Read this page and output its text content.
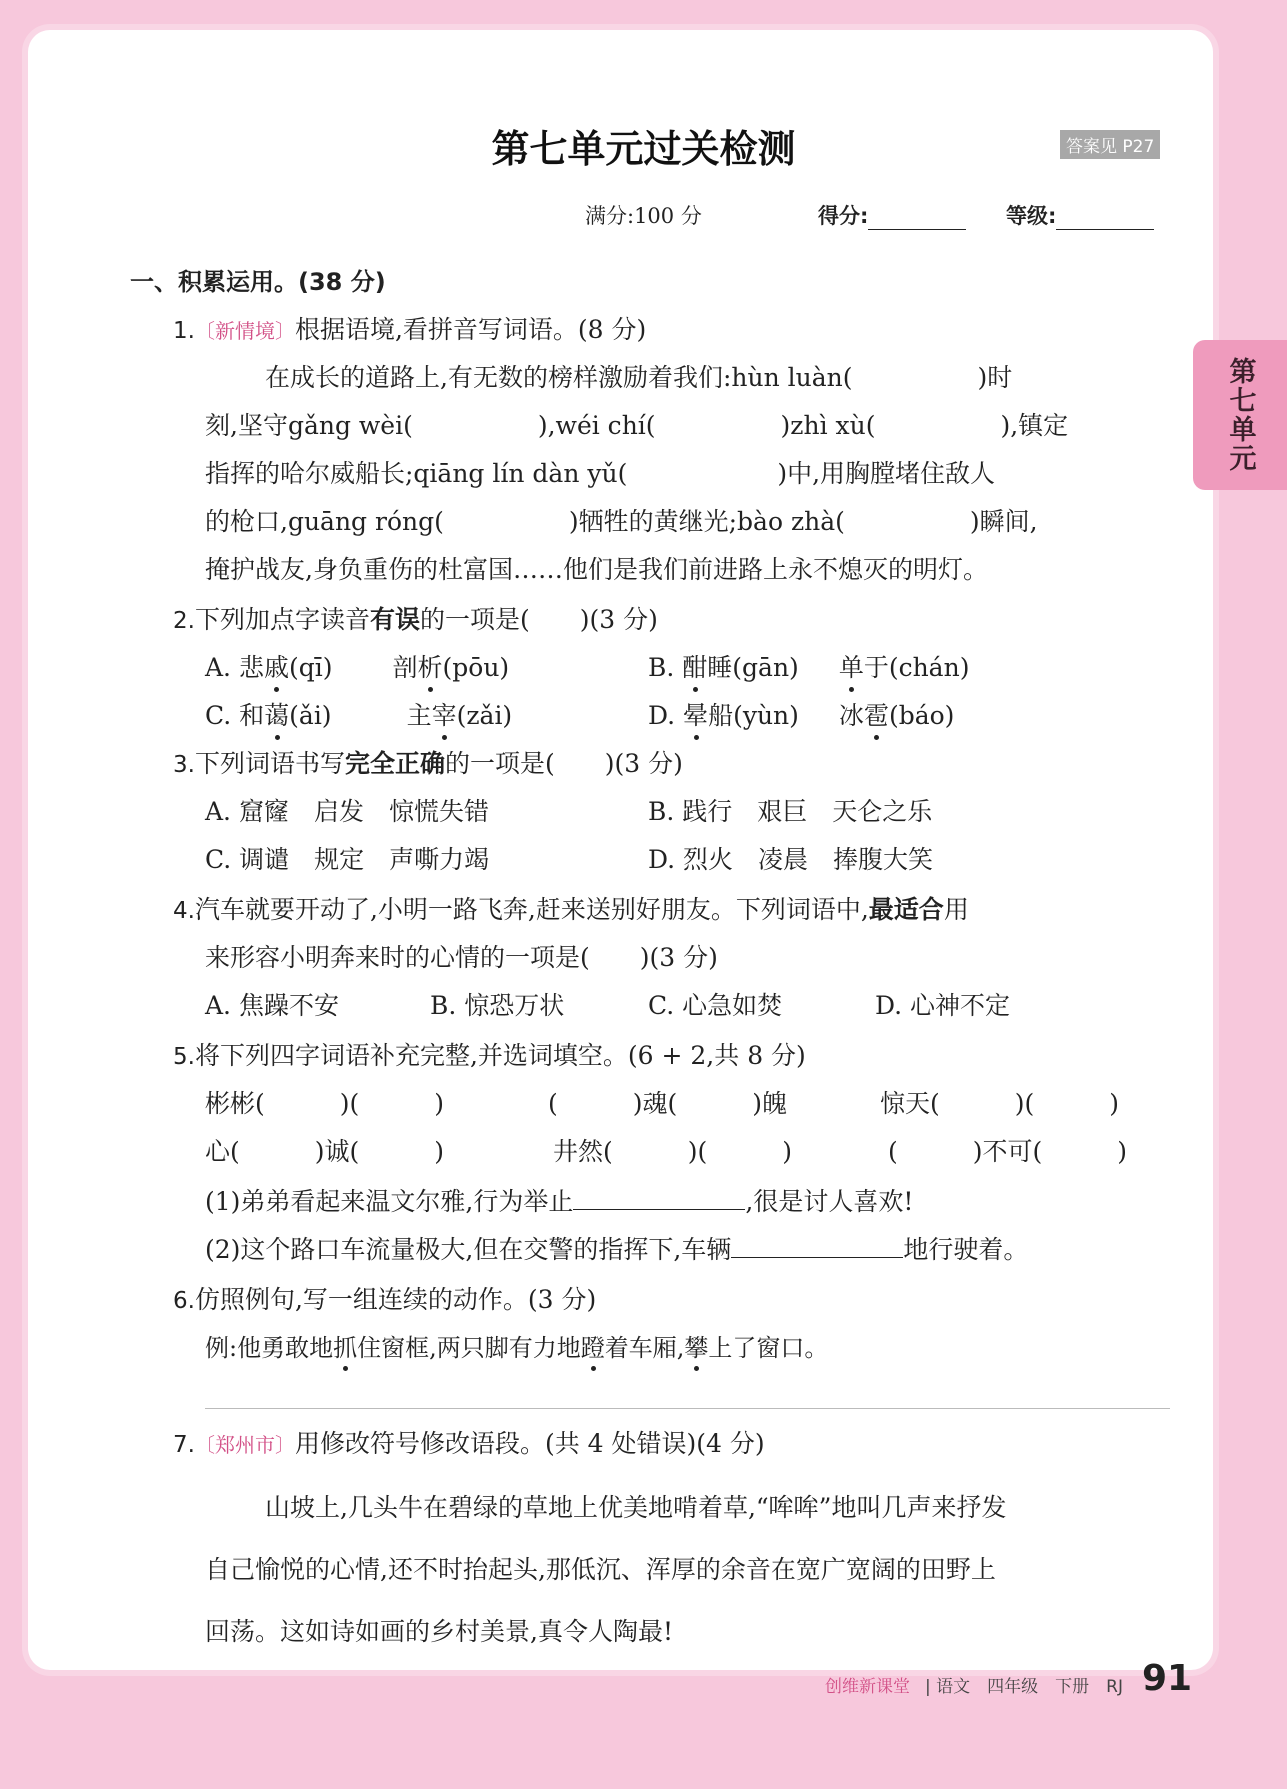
第七单元
第七单元过关检测	答案见 P27
满分:100 分	得分:	等级:
一、积累运用。(38 分)
1.〔新情境〕根据语境,看拼音写词语。(8 分)
在成长的道路上,有无数的榜样激励着我们:hùn luàn(　　　　　)时
刻,坚守gǎng wèi(　　　　　),wéi chí(　　　　　)zhì xù(　　　　　),镇定
指挥的哈尔威船长;qiāng lín dàn yǔ(　　　　　　)中,用胸膛堵住敌人
的枪口,guāng róng(　　　　　)牺牲的黄继光;bào zhà(　　　　　)瞬间,
掩护战友,身负重伤的杜富国……他们是我们前进路上永不熄灭的明灯。
2.下列加点字读音有误的一项是(　　)(3 分)
A. 悲戚(qī) 剖析(pōu)	B. 酣睡(gān) 单于(chán)
C. 和蔼(ǎi)	主宰(zǎi)	D. 晕船(yùn) 冰雹(báo)
3.下列词语书写完全正确的一项是(　　)(3 分)
A. 窟窿　启发　惊慌失错	B. 践行　艰巨　天仑之乐
C. 调谴　规定　声嘶力竭	D. 烈火　凌晨　捧腹大笑
4.汽车就要开动了,小明一路飞奔,赶来送别好朋友。下列词语中,最适合用
来形容小明奔来时的心情的一项是(　　)(3 分)
A. 焦躁不安	B. 惊恐万状	C. 心急如焚	D. 心神不定
5.将下列四字词语补充完整,并选词填空。(6 + 2,共 8 分)
彬彬(　　　)(　　　)	(　　　)魂(　　　)魄	惊天(　　　)(　　　)
心(　　　)诚(　　　)	井然(　　　)(　　　)	(　　　)不可(　　　)
(1)弟弟看起来温文尔雅,行为举止	,很是讨人喜欢!
(2)这个路口车流量极大,但在交警的指挥下,车辆	地行驶着。
6.仿照例句,写一组连续的动作。(3 分)
例:他勇敢地抓住窗框,两只脚有力地蹬着车厢,攀上了窗口。
7.〔郑州市〕用修改符号修改语段。(共 4 处错误)(4 分)
山坡上,几头牛在碧绿的草地上优美地啃着草,“哞哞”地叫几声来抒发
自己愉悦的心情,还不时抬起头,那低沉、浑厚的余音在宽广宽阔的田野上
回荡。这如诗如画的乡村美景,真令人陶最!
创维新课堂 | 语文　四年级　下册　RJ 91
